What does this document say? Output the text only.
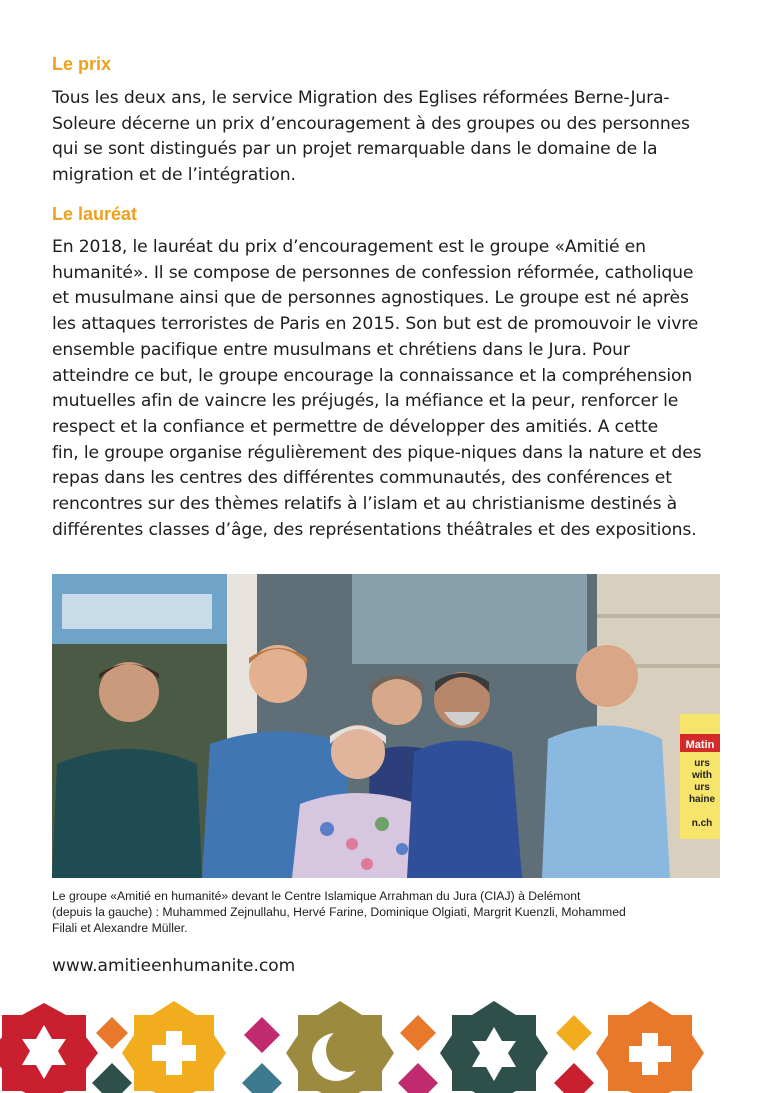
Le prix
Tous les deux ans, le service Migration des Eglises réformées Berne-Jura-
Soleure décerne un prix d’encouragement à des groupes ou des personnes
qui se sont distingués par un projet remarquable dans le domaine de la
migration et de l’intégration.
Le lauréat
En 2018, le lauréat du prix d’encouragement est le groupe «Amitié en
humanité». Il se compose de personnes de confession réformée, catholique
et musulmane ainsi que de personnes agnostiques. Le groupe est né après
les attaques terroristes de Paris en 2015. Son but est de promouvoir le vivre
ensemble pacifique entre musulmans et chrétiens dans le Jura. Pour
atteindre ce but, le groupe encourage la connaissance et la compréhension
mutuelles afin de vaincre les préjugés, la méfiance et la peur, renforcer le
respect et la confiance et permettre de développer des amitiés. A cette
fin, le groupe organise régulièrement des pique-niques dans la nature et des
repas dans les centres des différentes communautés, des conférences et
rencontres sur des thèmes relatifs à l’islam et au christianisme destinés à
différentes classes d’âge, des représentations théâtrales et des expositions.
Matin
urs
with
urs
haine
n.ch
Le groupe «Amitié en humanité» devant le Centre Islamique Arrahman du Jura (CIAJ) à Delémont
(depuis la gauche) : Muhammed Zejnullahu, Hervé Farine, Dominique Olgiati, Margrit Kuenzli, Mohammed
Filali et Alexandre Müller.
www.amitieenhumanite.com
